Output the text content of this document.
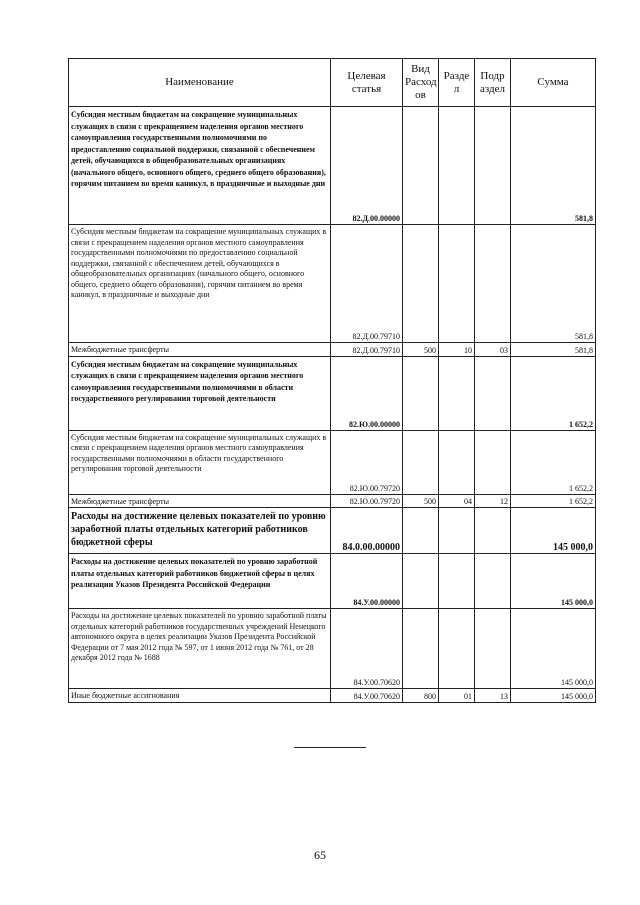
Наименование	Целевая статья	Вид Расход ов	Разде л	Подр аздел	Сумма
Субсидия местным бюджетам на сокращение муниципальных служащих в связи с прекращением наделения органов местного самоуправления государственными полномочиями по предоставлению социальной поддержки, связанной с обеспечением детей, обучающихся в общеобразовательных организациях (начального общего, основного общего, среднего общего образования), горячим питанием во время каникул, в праздничные и выходные дни	82.Д.00.00000				581,8
Субсидия местным бюджетам на сокращение муниципальных служащих в связи с прекращением наделения органов местного самоуправления государственными полномочиями по предоставлению социальной поддержки, связанной с обеспечением детей, обучающихся в общеобразовательных организациях (начального общего, основного общего, среднего общего образования), горячим питанием во время каникул, в праздничные и выходные дни	82.Д.00.79710				581,8
Межбюджетные трансферты	82.Д.00.79710	500	10	03	581,8
Субсидия местным бюджетам на сокращение муниципальных служащих в связи с прекращением наделения органов местного самоуправления государственными полномочиями в области государственного регулирования торговой деятельности	82.Ю.00.00000				1 652,2
Субсидия местным бюджетам на сокращение муниципальных служащих в связи с прекращением наделения органов местного самоуправления государственными полномочиями в области государственного регулирования торговой деятельности	82.Ю.00.79720				1 652,2
Межбюджетные трансферты	82.Ю.00.79720	500	04	12	1 652,2
Расходы на достижение целевых показателей по уровню заработной платы отдельных категорий работников бюджетной сферы	84.0.00.00000				145 000,0
Расходы на достижение целевых показателей по уровню заработной платы отдельных категорий работников бюджетной сферы в целях реализации Указов Президента Российской Федерации	84.У.00.00000				145 000,0
Расходы на достижение целевых показателей по уровню заработной платы отдельных категорий работников государственных учреждений Ненецкого автономного округа в целях реализации Указов Президента Российской Федерации от 7 мая 2012 года № 597, от 1 июня 2012 года № 761, от 28 декабря 2012 года № 1688	84.У.00.70620				145 000,0
Иные бюджетные ассигнования	84.У.00.70620	800	01	13	145 000,0
65
